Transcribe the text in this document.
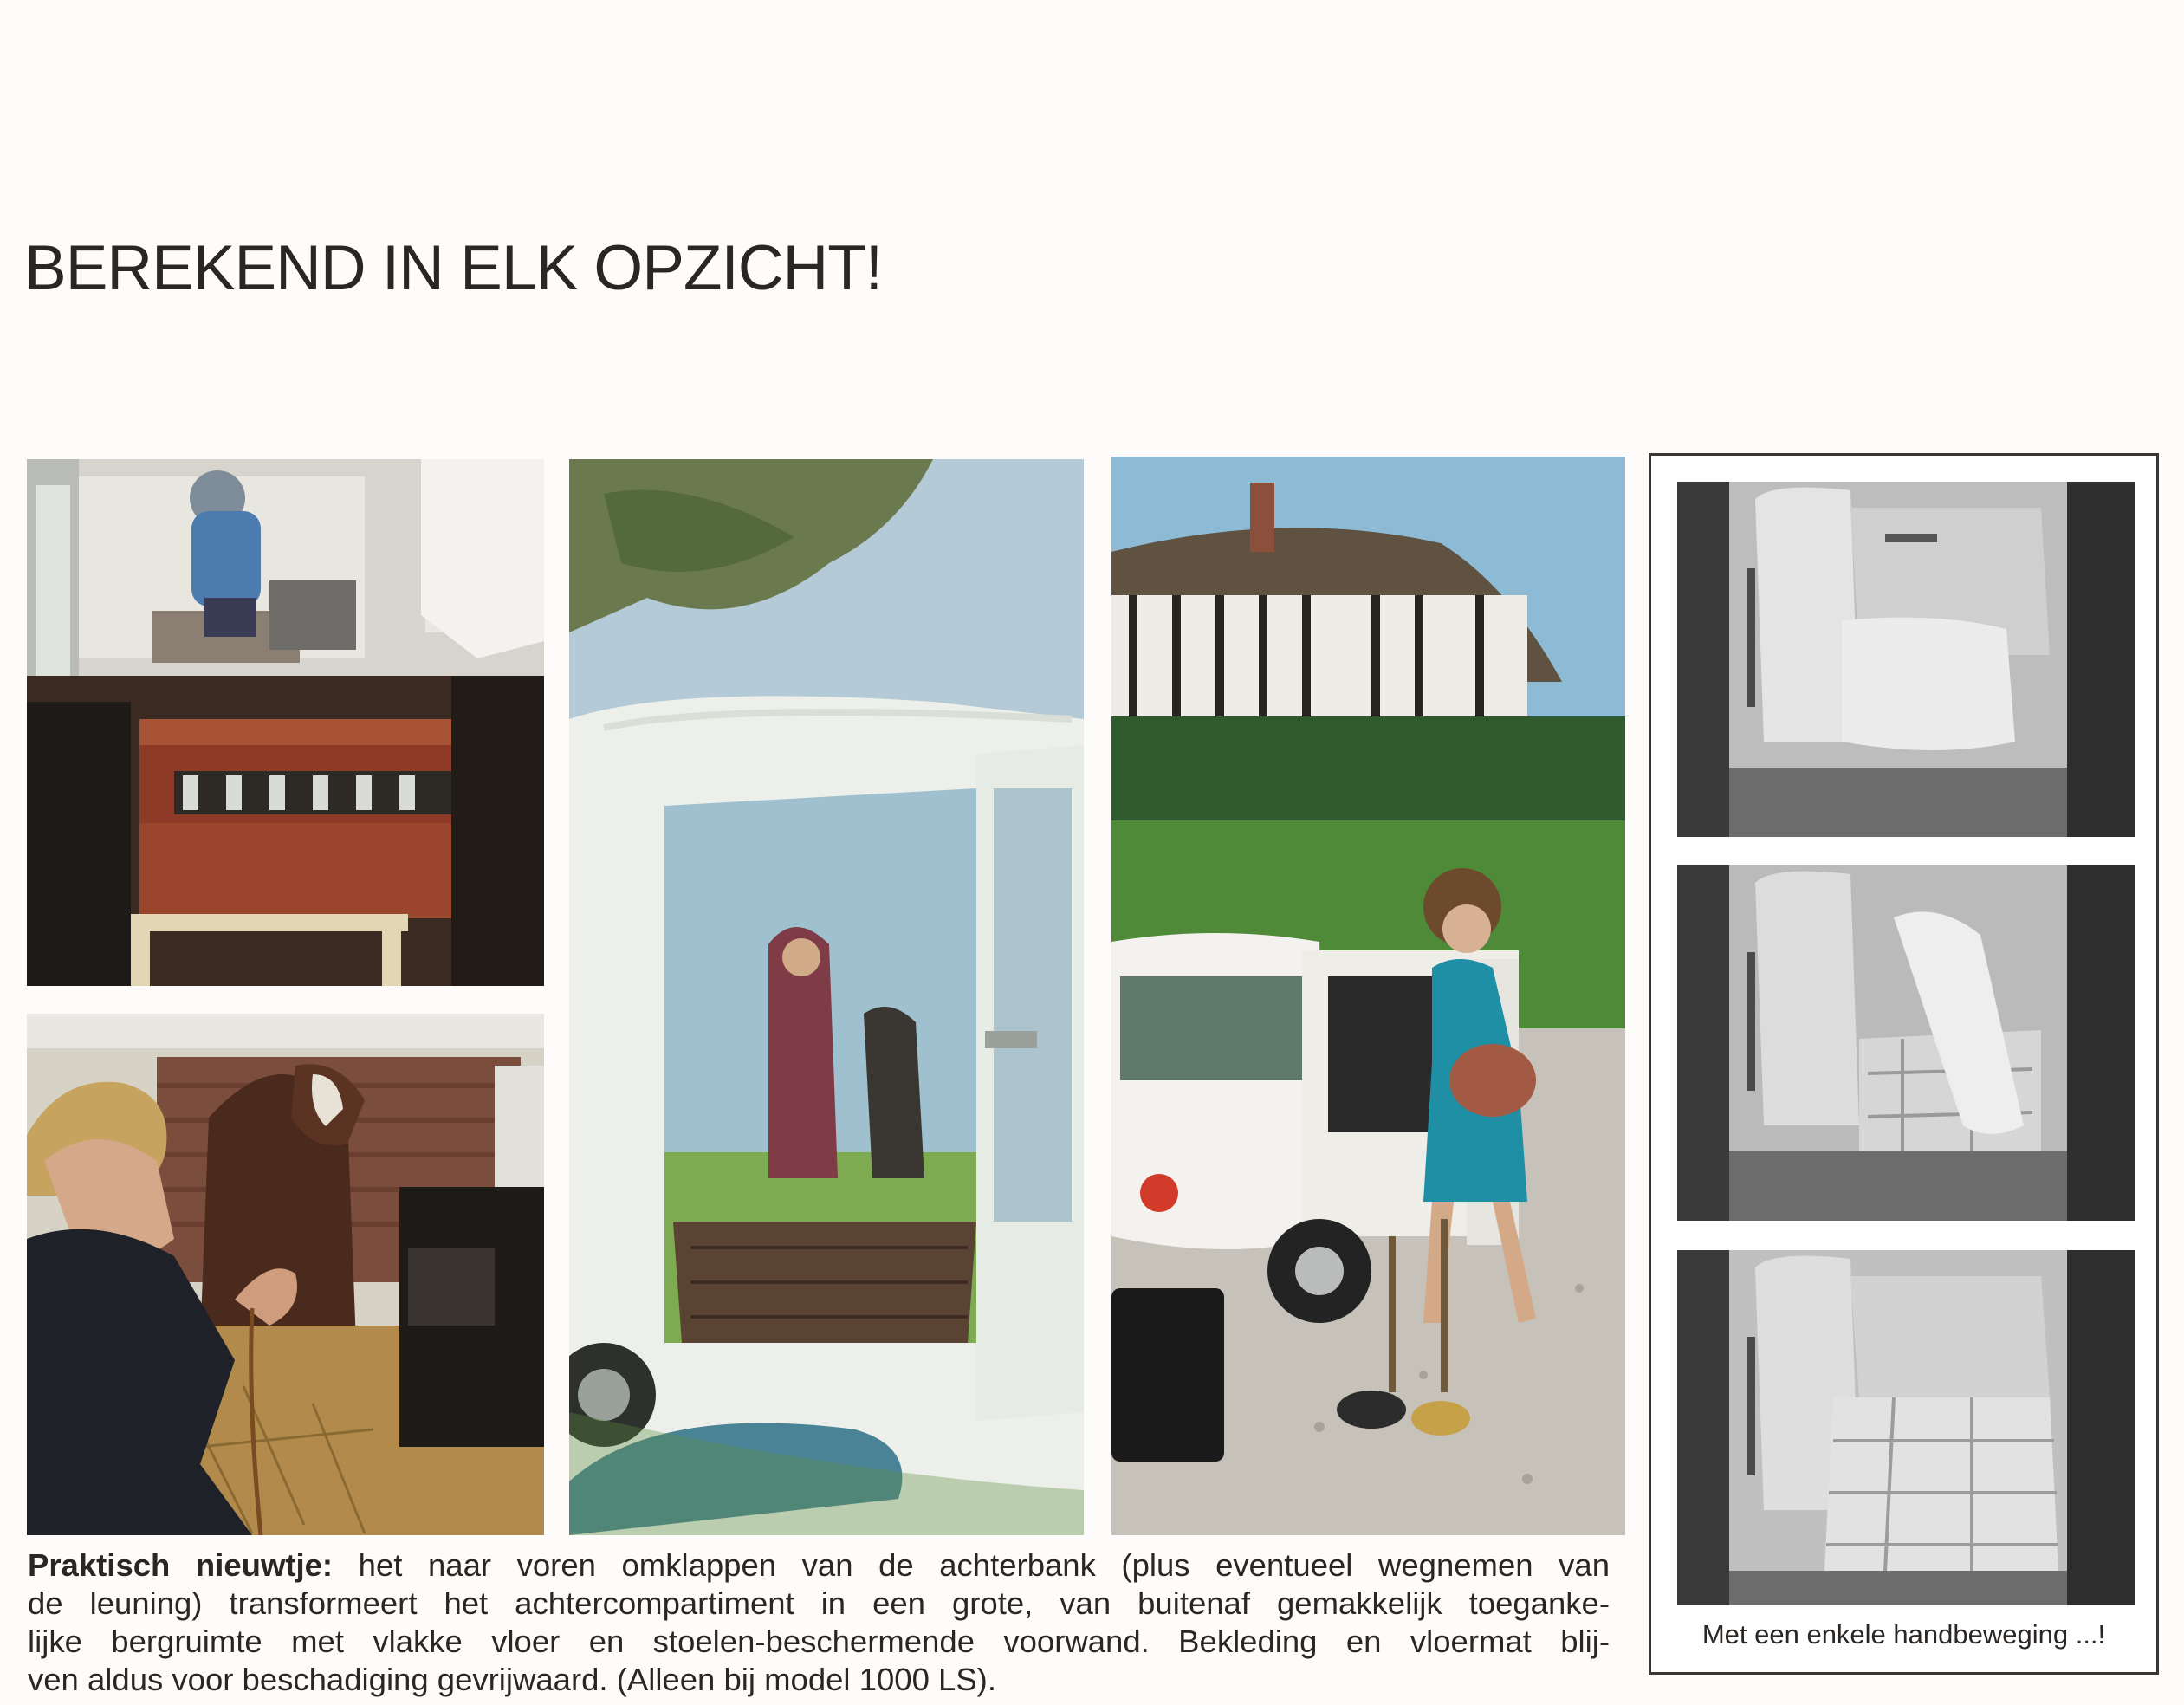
BEREKEND IN ELK OPZICHT!
Met een enkele handbeweging ...!
Praktisch nieuwtje: het naar voren omklappen van de achterbank (plus eventueel wegnemen van
de leuning) transformeert het achtercompartiment in een grote, van buitenaf gemakkelijk toeganke-
lijke bergruimte met vlakke vloer en stoelen-beschermende voorwand. Bekleding en vloermat blij-
ven aldus voor beschadiging gevrijwaard. (Alleen bij model 1000 LS).
